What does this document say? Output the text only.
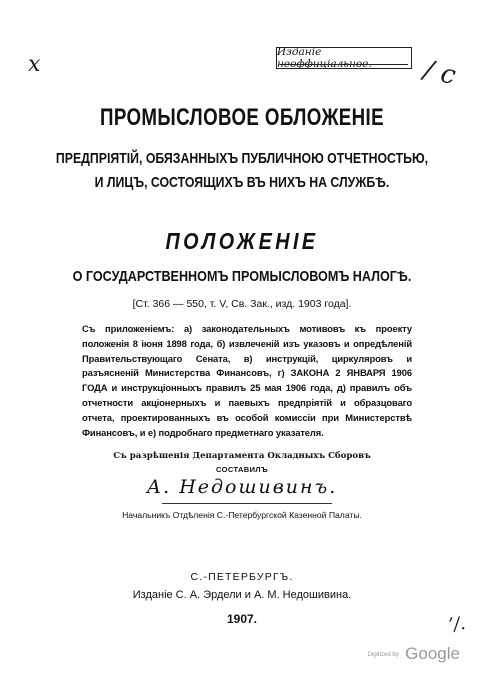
x	/ c
Изданіе неоффиціальное.
ПРОМЫСЛОВОЕ ОБЛОЖЕНІЕ
ПРЕДПРІЯТІЙ, ОБЯЗАННЫХЪ ПУБЛИЧНОЮ ОТЧЕТНОСТЬЮ,
И ЛИЦЪ, СОСТОЯЩИХЪ ВЪ НИХЪ НА СЛУЖБѢ.
ПОЛОЖЕНІЕ
О ГОСУДАРСТВЕННОМЪ ПРОМЫСЛОВОМЪ НАЛОГѢ.
[Ст. 366 — 550, т. V, Св. Зак., изд. 1903 года].
Съ приложеніемъ: а) законодательныхъ мотивовъ къ проекту положенія 8 іюня 1898 года, б) извлеченій изъ указовъ и опредѣленій Правительствующаго Сената, в) инструкцій, циркуляровъ и разъясненій Министерства Финансовъ, г) ЗАКОНА 2 ЯНВАРЯ 1906 ГОДА и инструкціонныхъ правилъ 25 мая 1906 года, д) правилъ объ отчетности акціонерныхъ и паевыхъ предпріятій и образцоваго отчета, проектированныхъ въ особой комиссіи при Министерствѣ Финансовъ, и е) подробнаго предметнаго указателя.
Съ разрѣшенія Департамента Окладныхъ Сборовъ
СОСТАВИЛЪ
А. Недошивинъ.
Начальникъ Отдѣленія С.-Петербургской Казенной Палаты.
С.-ПЕТЕРБУРГЪ.
Изданіе С. А. Эрдели и А. М. Недошивина.
1907.	ʼ/.
Digitized by Google
